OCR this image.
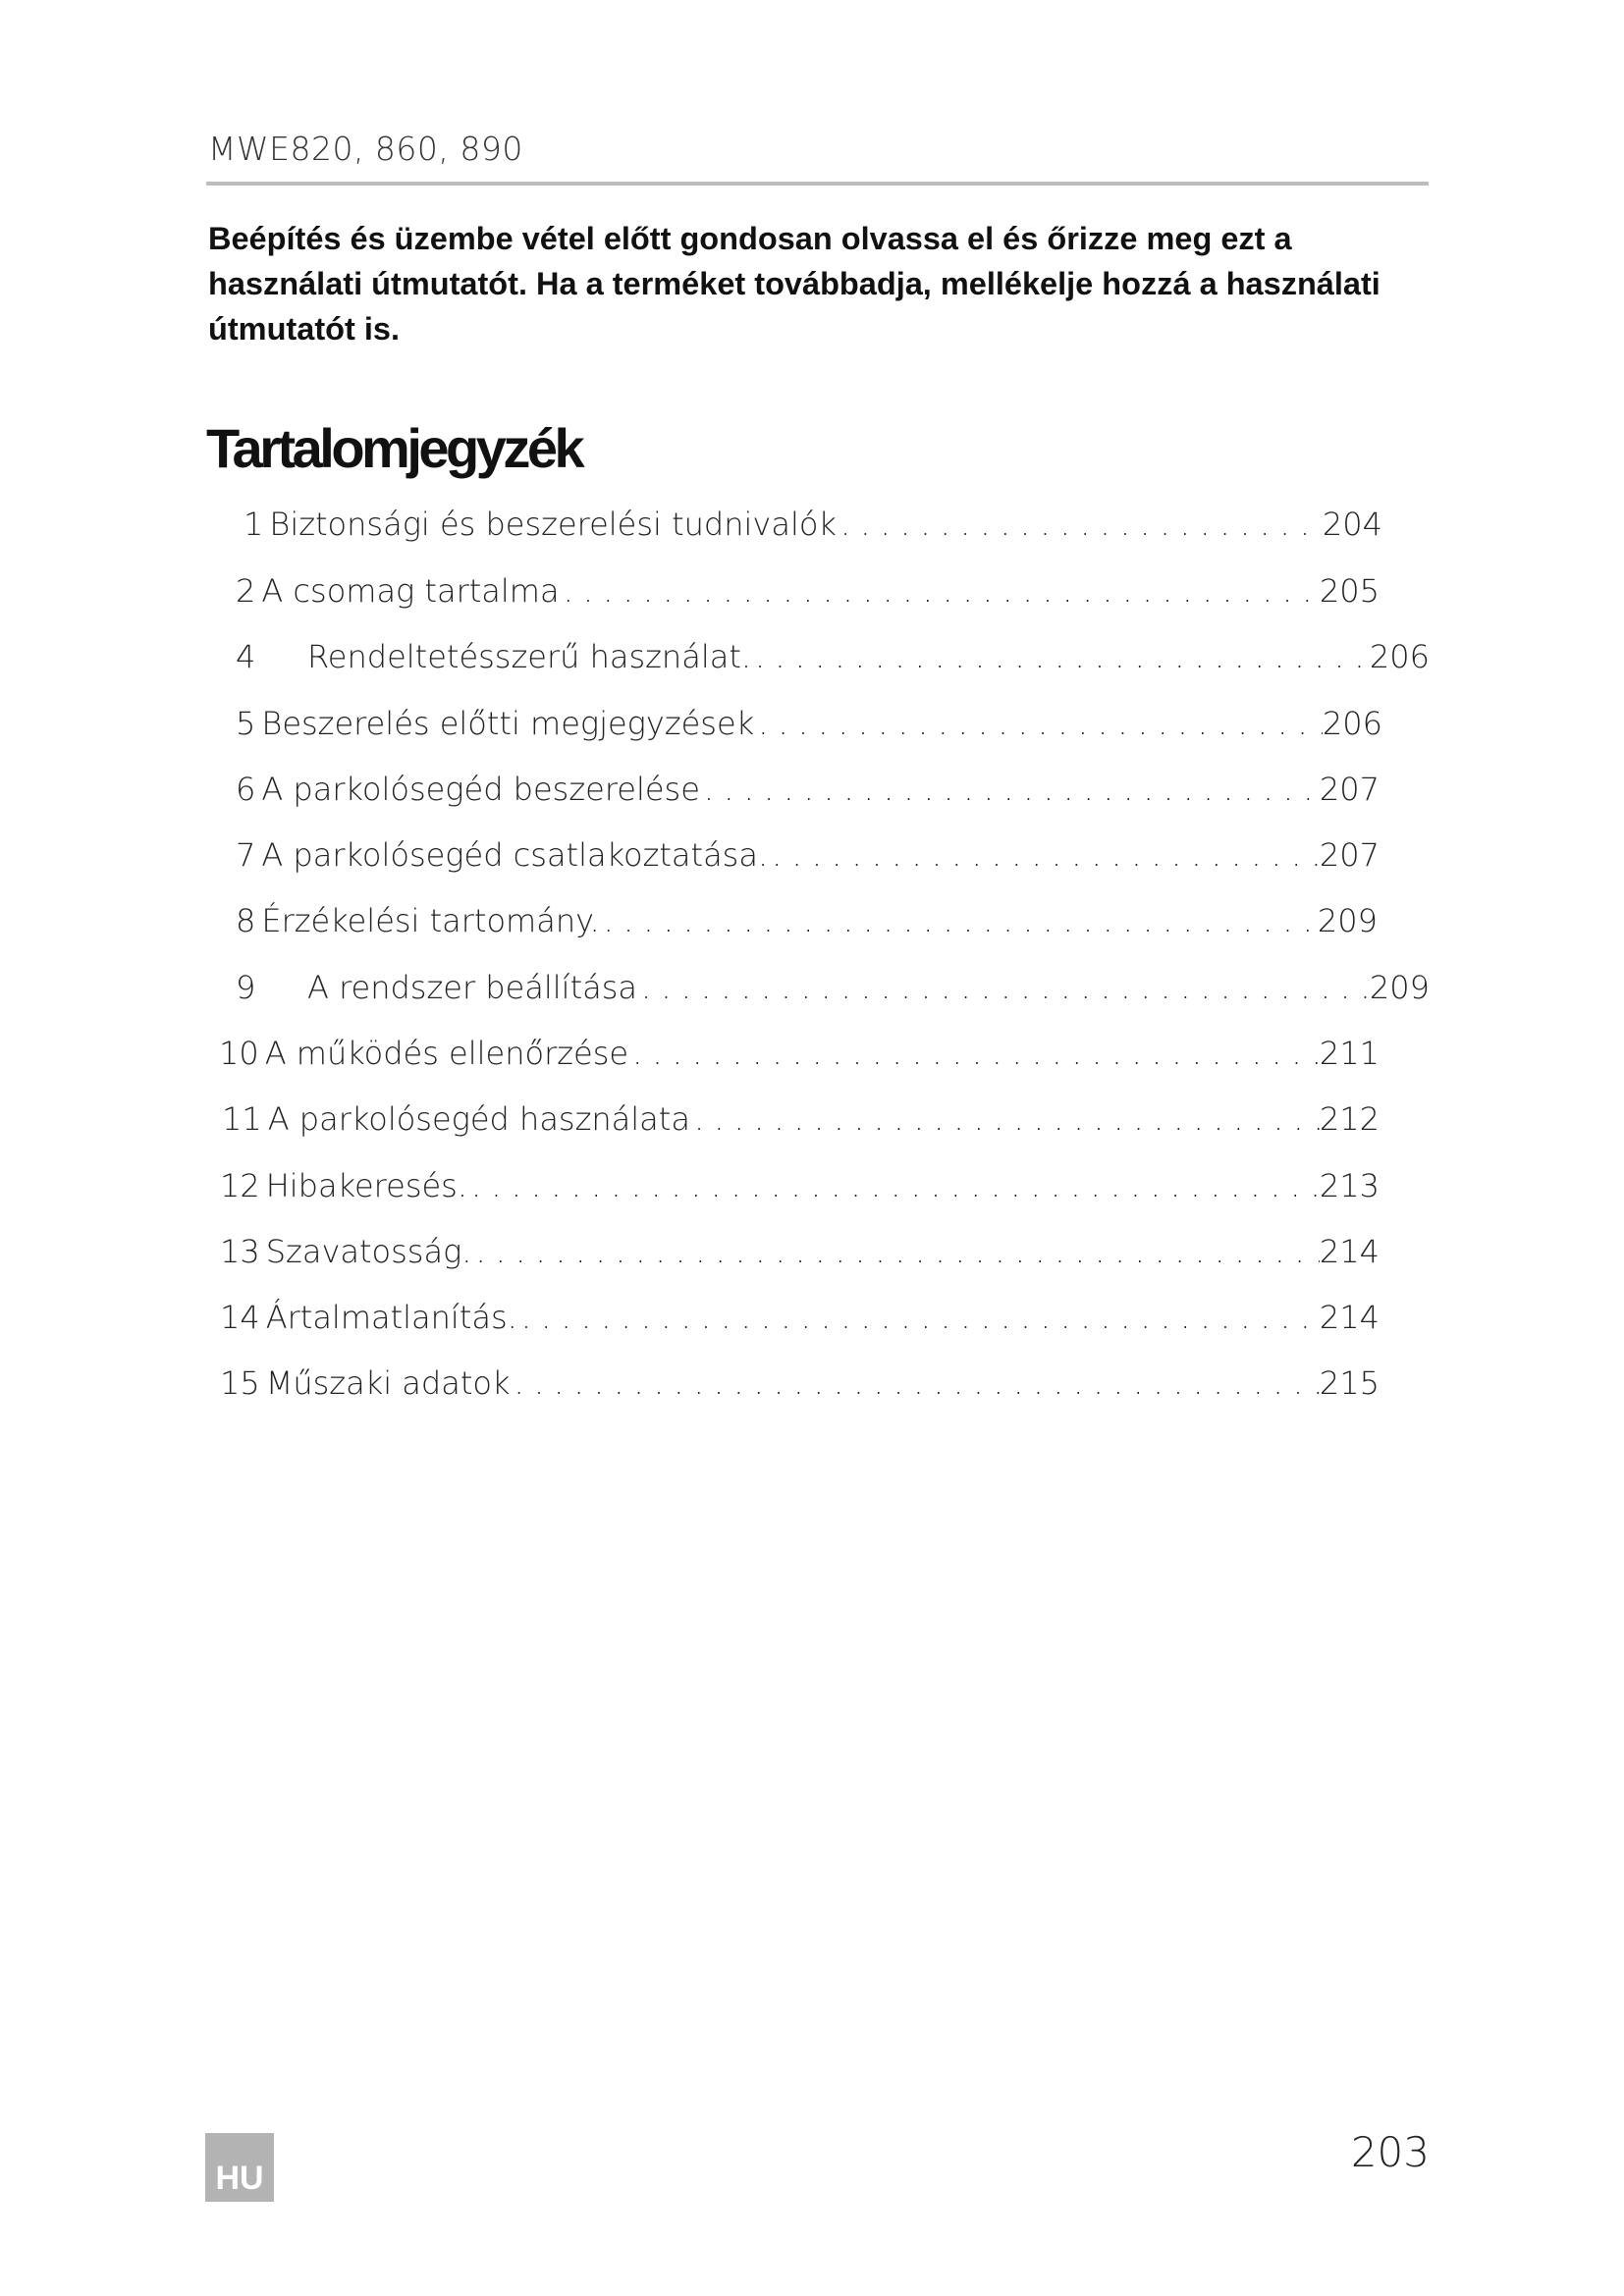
MWE820, 860, 890
Beépítés és üzembe vétel előtt gondosan olvassa el és őrizze meg ezt a használati útmutatót. Ha a terméket továbbadja, mellékelje hozzá a használati útmutatót is.
Tartalomjegyzék
1 Biztonsági és beszerelési tudnivalók . . .	204
2 A csomag tartalma . . .	205
4	Rendeltetésszerű használat. . . .	206
5 Beszerelés előtti megjegyzések . . .	206
6 A parkolósegéd beszerelése . . .	207
7 A parkolósegéd csatlakoztatása. . . .	207
8 Érzékelési tartomány. . . .	209
9	A rendszer beállítása . . .	209
10 A működés ellenőrzése . . .	211
11 A parkolósegéd használata . . .	212
12 Hibakeresés. . . .	213
13 Szavatosság. . . .	214
14 Ártalmatlanítás. . . .	214
15 Műszaki adatok . . .	215
HU
203
